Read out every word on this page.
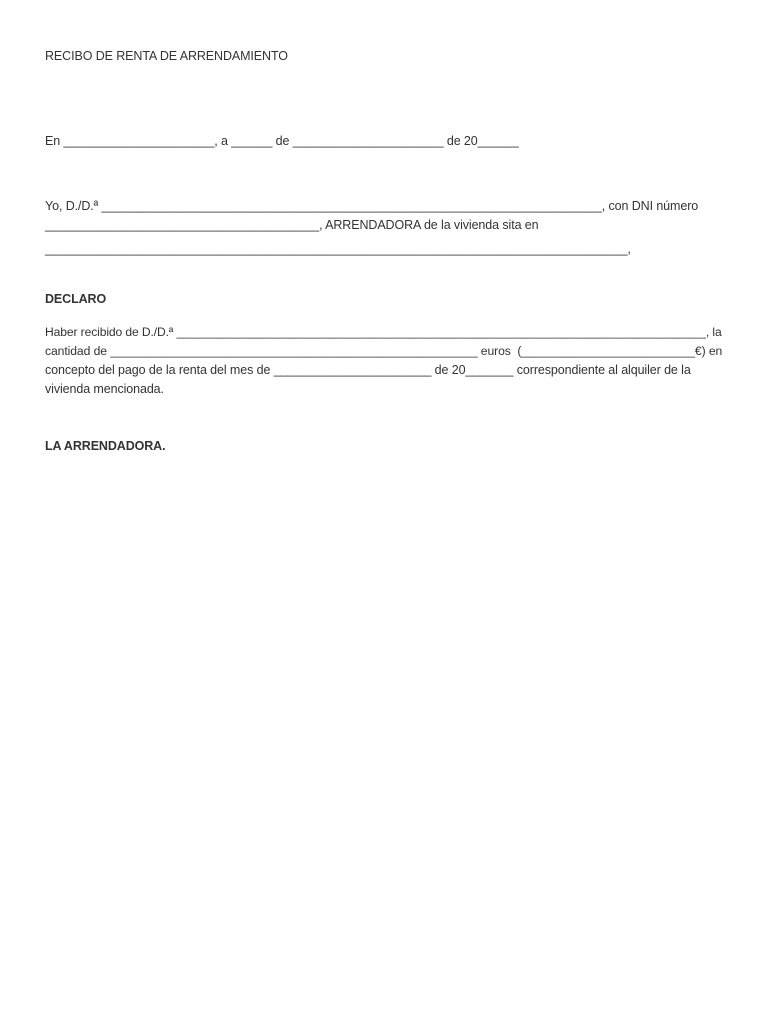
RECIBO DE RENTA DE ARRENDAMIENTO
En ______________________, a ______ de ______________________ de 20______
Yo, D./D.ª _________________________________________________________________________, con DNI número
________________________________________, ARRENDADORA de la vivienda sita en
_____________________________________________________________________________________,
DECLARO
Haber recibido de D./D.ª ________________________________________________________________________________, la
cantidad de _______________________________________________________ euros  (__________________________€) en
concepto del pago de la renta del mes de _______________________ de 20_______ correspondiente al alquiler de la
vivienda mencionada.
LA ARRENDADORA.
